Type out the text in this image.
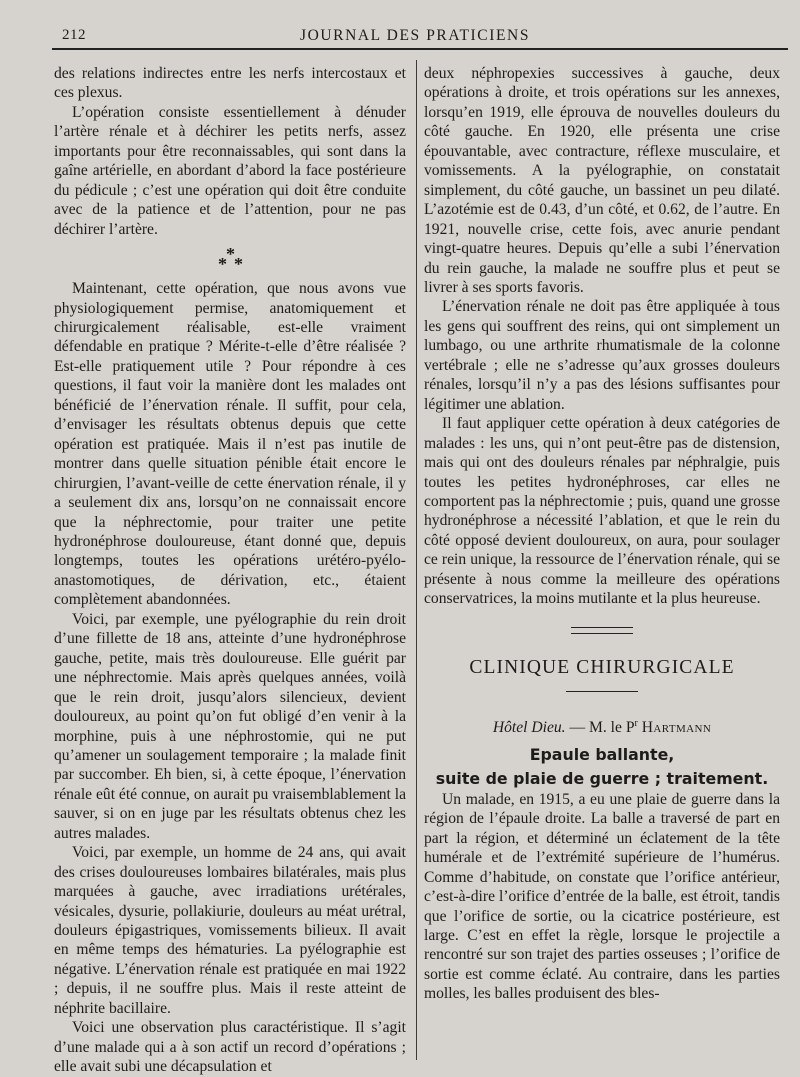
212	JOURNAL DES PRATICIENS

des relations indirectes entre les nerfs intercostaux et ces plexus.

L’opération consiste essentiellement à dénuder l’artère rénale et à déchirer les petits nerfs, assez importants pour être reconnaissables, qui sont dans la gaîne artérielle, en abordant d’abord la face postérieure du pédicule ; c’est une opération qui doit être conduite avec de la patience et de l’attention, pour ne pas déchirer l’artère.

*
* *

Maintenant, cette opération, que nous avons vue physiologiquement permise, anatomiquement et chirurgicalement réalisable, est-elle vraiment défendable en pratique ? Mérite-t-elle d’être réalisée ? Est-elle pratiquement utile ? Pour répondre à ces questions, il faut voir la manière dont les malades ont bénéficié de l’énervation rénale. Il suffit, pour cela, d’envisager les résultats obtenus depuis que cette opération est pratiquée. Mais il n’est pas inutile de montrer dans quelle situation pénible était encore le chirurgien, l’avant-veille de cette énervation rénale, il y a seulement dix ans, lorsqu’on ne connaissait encore que la néphrectomie, pour traiter une petite hydronéphrose douloureuse, étant donné que, depuis longtemps, toutes les opérations urétéro-pyélo-anastomotiques, de dérivation, etc., étaient complètement abandonnées.

Voici, par exemple, une pyélographie du rein droit d’une fillette de 18 ans, atteinte d’une hydronéphrose gauche, petite, mais très douloureuse. Elle guérit par une néphrectomie. Mais après quelques années, voilà que le rein droit, jusqu’alors silencieux, devient douloureux, au point qu’on fut obligé d’en venir à la morphine, puis à une néphrostomie, qui ne put qu’amener un soulagement temporaire ; la malade finit par succomber. Eh bien, si, à cette époque, l’énervation rénale eût été connue, on aurait pu vraisemblablement la sauver, si on en juge par les résultats obtenus chez les autres malades.

Voici, par exemple, un homme de 24 ans, qui avait des crises douloureuses lombaires bilatérales, mais plus marquées à gauche, avec irradiations urétérales, vésicales, dysurie, pollakiurie, douleurs au méat urétral, douleurs épigastriques, vomissements bilieux. Il avait en même temps des hématuries. La pyélographie est négative. L’énervation rénale est pratiquée en mai 1922 ; depuis, il ne souffre plus. Mais il reste atteint de néphrite bacillaire.

Voici une observation plus caractéristique. Il s’agit d’une malade qui a à son actif un record d’opérations ; elle avait subi une décapsulation et

deux néphropexies successives à gauche, deux opérations à droite, et trois opérations sur les annexes, lorsqu’en 1919, elle éprouva de nouvelles douleurs du côté gauche. En 1920, elle présenta une crise épouvantable, avec contracture, réflexe musculaire, et vomissements. A la pyélographie, on constatait simplement, du côté gauche, un bassinet un peu dilaté. L’azotémie est de 0.43, d’un côté, et 0.62, de l’autre. En 1921, nouvelle crise, cette fois, avec anurie pendant vingt-quatre heures. Depuis qu’elle a subi l’énervation du rein gauche, la malade ne souffre plus et peut se livrer à ses sports favoris.

L’énervation rénale ne doit pas être appliquée à tous les gens qui souffrent des reins, qui ont simplement un lumbago, ou une arthrite rhumatismale de la colonne vertébrale ; elle ne s’adresse qu’aux grosses douleurs rénales, lorsqu’il n’y a pas des lésions suffisantes pour légitimer une ablation.

Il faut appliquer cette opération à deux catégories de malades : les uns, qui n’ont peut-être pas de distension, mais qui ont des douleurs rénales par néphralgie, puis toutes les petites hydronéphroses, car elles ne comportent pas la néphrectomie ; puis, quand une grosse hydronéphrose a nécessité l’ablation, et que le rein du côté opposé devient douloureux, on aura, pour soulager ce rein unique, la ressource de l’énervation rénale, qui se présente à nous comme la meilleure des opérations conservatrices, la moins mutilante et la plus heureuse.

CLINIQUE CHIRURGICALE
Hôtel Dieu. — M. le $P^r$ Hartmann
Epaule ballante,
suite de plaie de guerre ; traitement.

Un malade, en 1915, a eu une plaie de guerre dans la région de l’épaule droite. La balle a traversé de part en part la région, et déterminé un éclatement de la tête humérale et de l’extrémité supérieure de l’humérus. Comme d’habitude, on constate que l’orifice antérieur, c’est-à-dire l’orifice d’entrée de la balle, est étroit, tandis que l’orifice de sortie, ou la cicatrice postérieure, est large. C’est en effet la règle, lorsque le projectile a rencontré sur son trajet des parties osseuses ; l’orifice de sortie est comme éclaté. Au contraire, dans les parties molles, les balles produisent des bles-
